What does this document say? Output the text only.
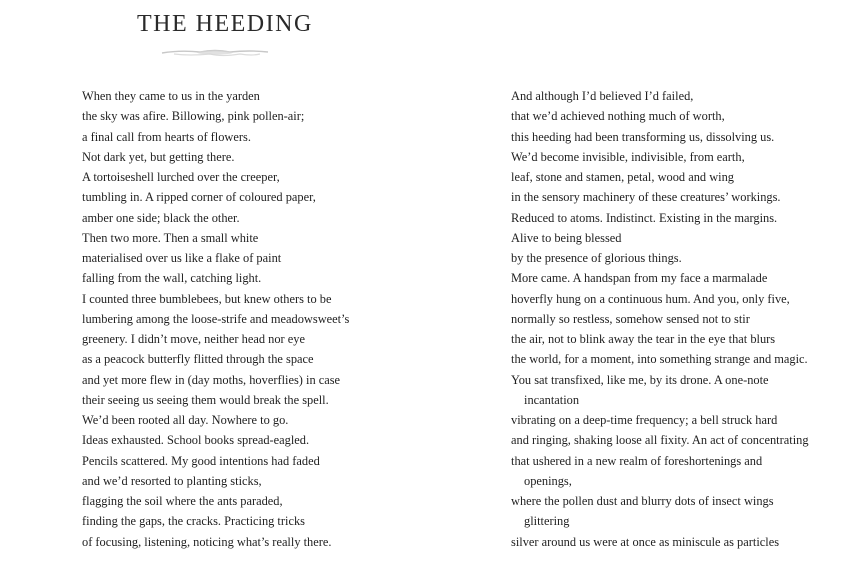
THE HEEDING
When they came to us in the yarden
the sky was afire. Billowing, pink pollen-air;
a final call from hearts of flowers.
Not dark yet, but getting there.
A tortoiseshell lurched over the creeper,
tumbling in. A ripped corner of coloured paper,
amber one side; black the other.
Then two more. Then a small white
materialised over us like a flake of paint
falling from the wall, catching light.
I counted three bumblebees, but knew others to be
lumbering among the loose-strife and meadowsweet’s
greenery. I didn’t move, neither head nor eye
as a peacock butterfly flitted through the space
and yet more flew in (day moths, hoverflies) in case
their seeing us seeing them would break the spell.
We’d been rooted all day. Nowhere to go.
Ideas exhausted. School books spread-eagled.
Pencils scattered. My good intentions had faded
and we’d resorted to planting sticks,
flagging the soil where the ants paraded,
finding the gaps, the cracks. Practicing tricks
of focusing, listening, noticing what’s really there.
And although I’d believed I’d failed,
that we’d achieved nothing much of worth,
this heeding had been transforming us, dissolving us.
We’d become invisible, indivisible, from earth,
leaf, stone and stamen, petal, wood and wing
in the sensory machinery of these creatures’ workings.
Reduced to atoms. Indistinct. Existing in the margins.
Alive to being blessed
by the presence of glorious things.
More came. A handspan from my face a marmalade
hoverfly hung on a continuous hum. And you, only five,
normally so restless, somehow sensed not to stir
the air, not to blink away the tear in the eye that blurs
the world, for a moment, into something strange and magic.
You sat transfixed, like me, by its drone. A one-note
incantation
vibrating on a deep-time frequency; a bell struck hard
and ringing, shaking loose all fixity. An act of concentrating
that ushered in a new realm of foreshortenings and
openings,
where the pollen dust and blurry dots of insect wings
glittering
silver around us were at once as miniscule as particles
